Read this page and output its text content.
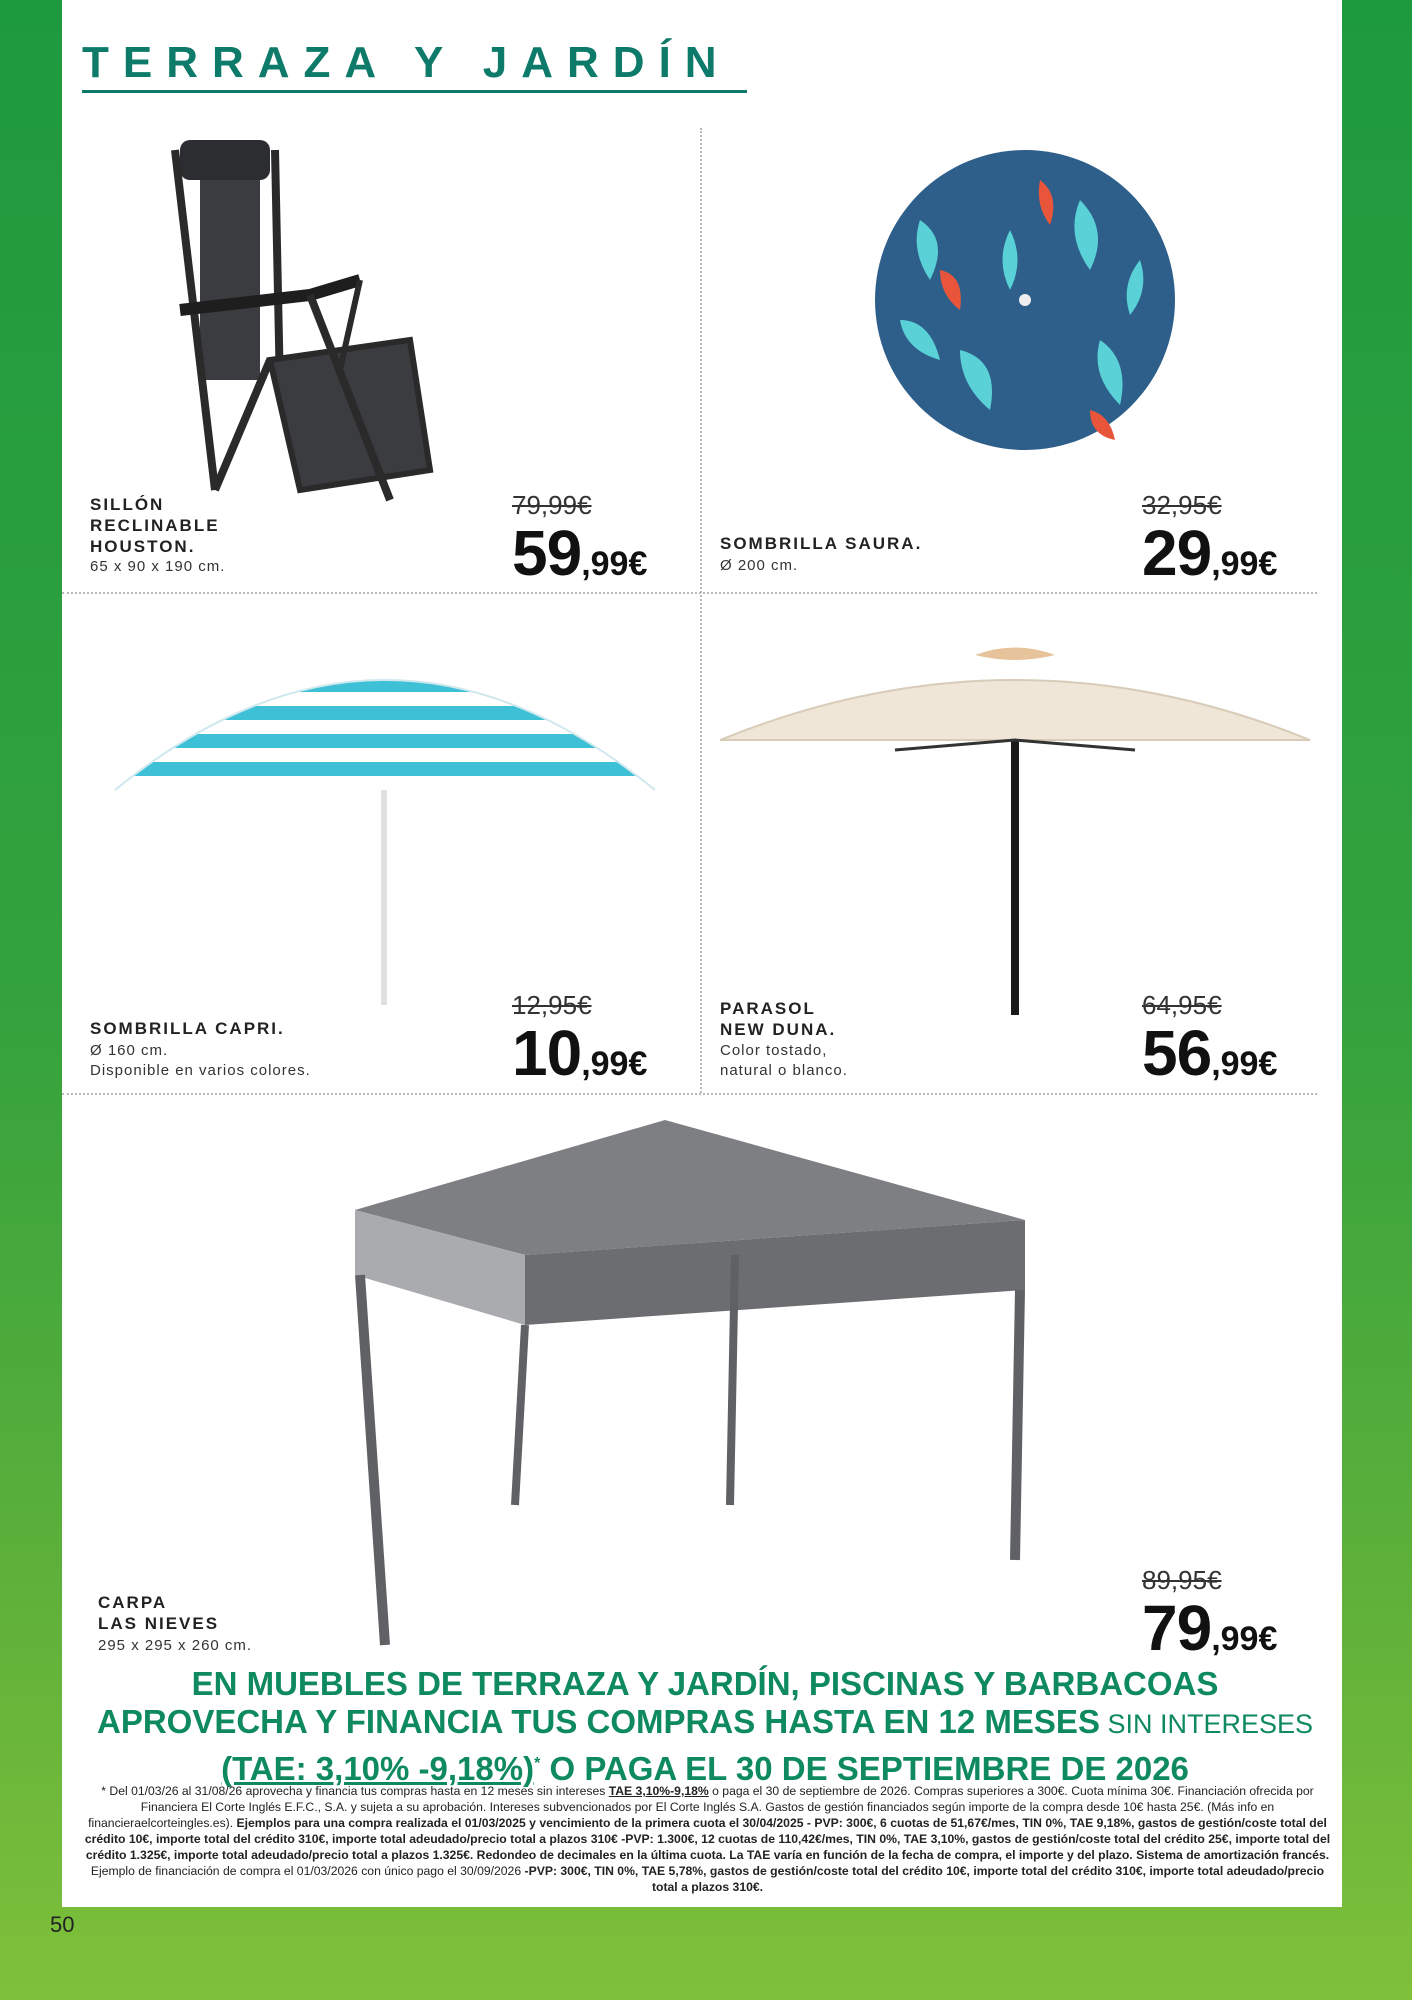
TERRAZA Y JARDÍN
SILLÓN
RECLINABLE
HOUSTON.
65 x 90 x 190 cm.
79,99€
59,99€
SOMBRILLA SAURA.
Ø 200 cm.
32,95€
29,99€
SOMBRILLA CAPRI.
Ø 160 cm.
Disponible en varios colores.
12,95€
10,99€
PARASOL
NEW DUNA.
Color tostado,
natural o blanco.
64,95€
56,99€
CARPA
LAS NIEVES
295 x 295 x 260 cm.
89,95€
79,99€
EN MUEBLES DE TERRAZA Y JARDÍN, PISCINAS Y BARBACOAS
APROVECHA Y FINANCIA TUS COMPRAS HASTA EN 12 MESES SIN INTERESES
(TAE: 3,10% -9,18%)* O PAGA EL 30 DE SEPTIEMBRE DE 2026
* Del 01/03/26 al 31/08/26 aprovecha y financia tus compras hasta en 12 meses sin intereses TAE 3,10%-9,18% o paga el 30 de septiembre de 2026. Compras superiores a 300€. Cuota mínima 30€. Financiación ofrecida por Financiera El Corte Inglés E.F.C., S.A. y sujeta a su aprobación. Intereses subvencionados por El Corte Inglés S.A. Gastos de gestión financiados según importe de la compra desde 10€ hasta 25€. (Más info en financieraelcorteingles.es). Ejemplos para una compra realizada el 01/03/2025 y vencimiento de la primera cuota el 30/04/2025 - PVP: 300€, 6 cuotas de 51,67€/mes, TIN 0%, TAE 9,18%, gastos de gestión/coste total del crédito 10€, importe total del crédito 310€, importe total adeudado/precio total a plazos 310€ -PVP: 1.300€, 12 cuotas de 110,42€/mes, TIN 0%, TAE 3,10%, gastos de gestión/coste total del crédito 25€, importe total del crédito 1.325€, importe total adeudado/precio total a plazos 1.325€. Redondeo de decimales en la última cuota. La TAE varía en función de la fecha de compra, el importe y del plazo. Sistema de amortización francés. Ejemplo de financiación de compra el 01/03/2026 con único pago el 30/09/2026 -PVP: 300€, TIN 0%, TAE 5,78%, gastos de gestión/coste total del crédito 10€, importe total del crédito 310€, importe total adeudado/precio total a plazos 310€.
50
